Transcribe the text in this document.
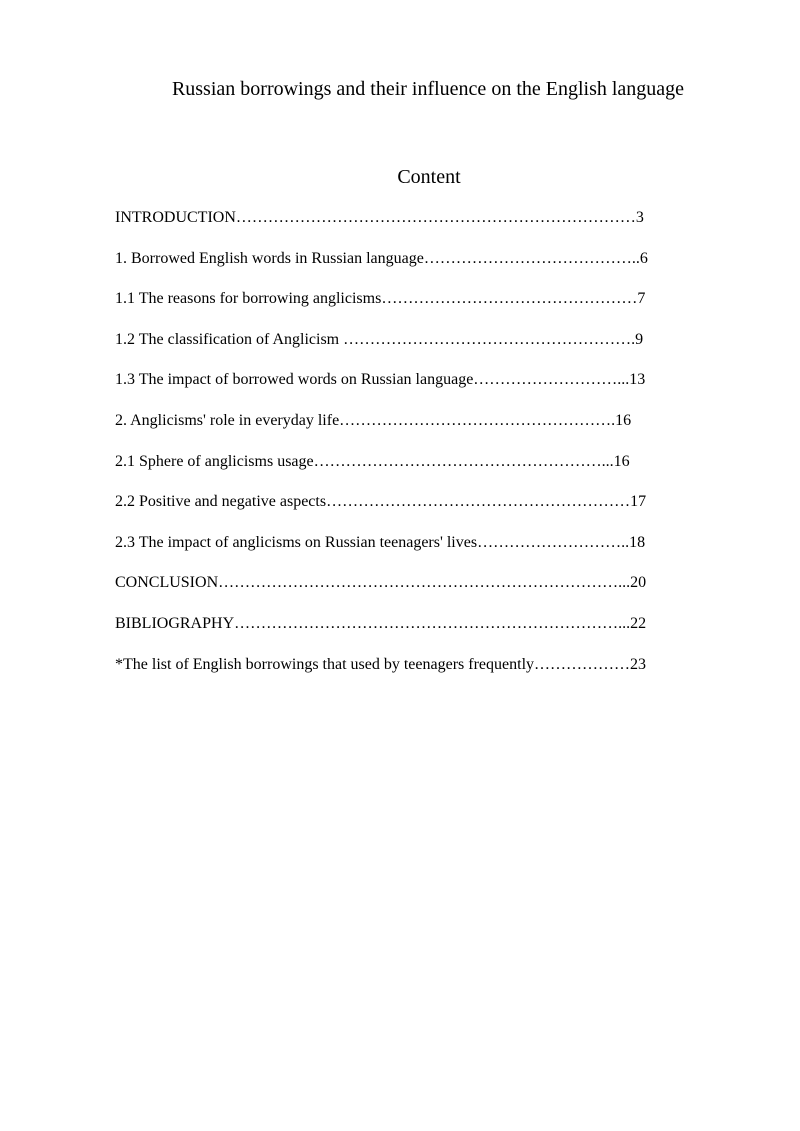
Russian borrowings and their influence on the English language
Content
INTRODUCTION…………………………………………………………………3
1. Borrowed English words in Russian language…………………………………..6
1.1 The reasons for borrowing anglicisms…………………………………………7
1.2 The classification of Anglicism ……………………………………………….9
1.3 The impact of borrowed words on Russian language………………………...13
2. Anglicisms' role in everyday life…………………………………………….16
2.1 Sphere of anglicisms usage………………………………………………...16
2.2 Positive and negative aspects…………………………………………………17
2.3 The impact of anglicisms on Russian teenagers' lives………………………..18
CONCLUSION…………………………………………………………………...20
BIBLIOGRAPHY………………………………………………………………...22
*The list of English borrowings that used by teenagers frequently………………23
